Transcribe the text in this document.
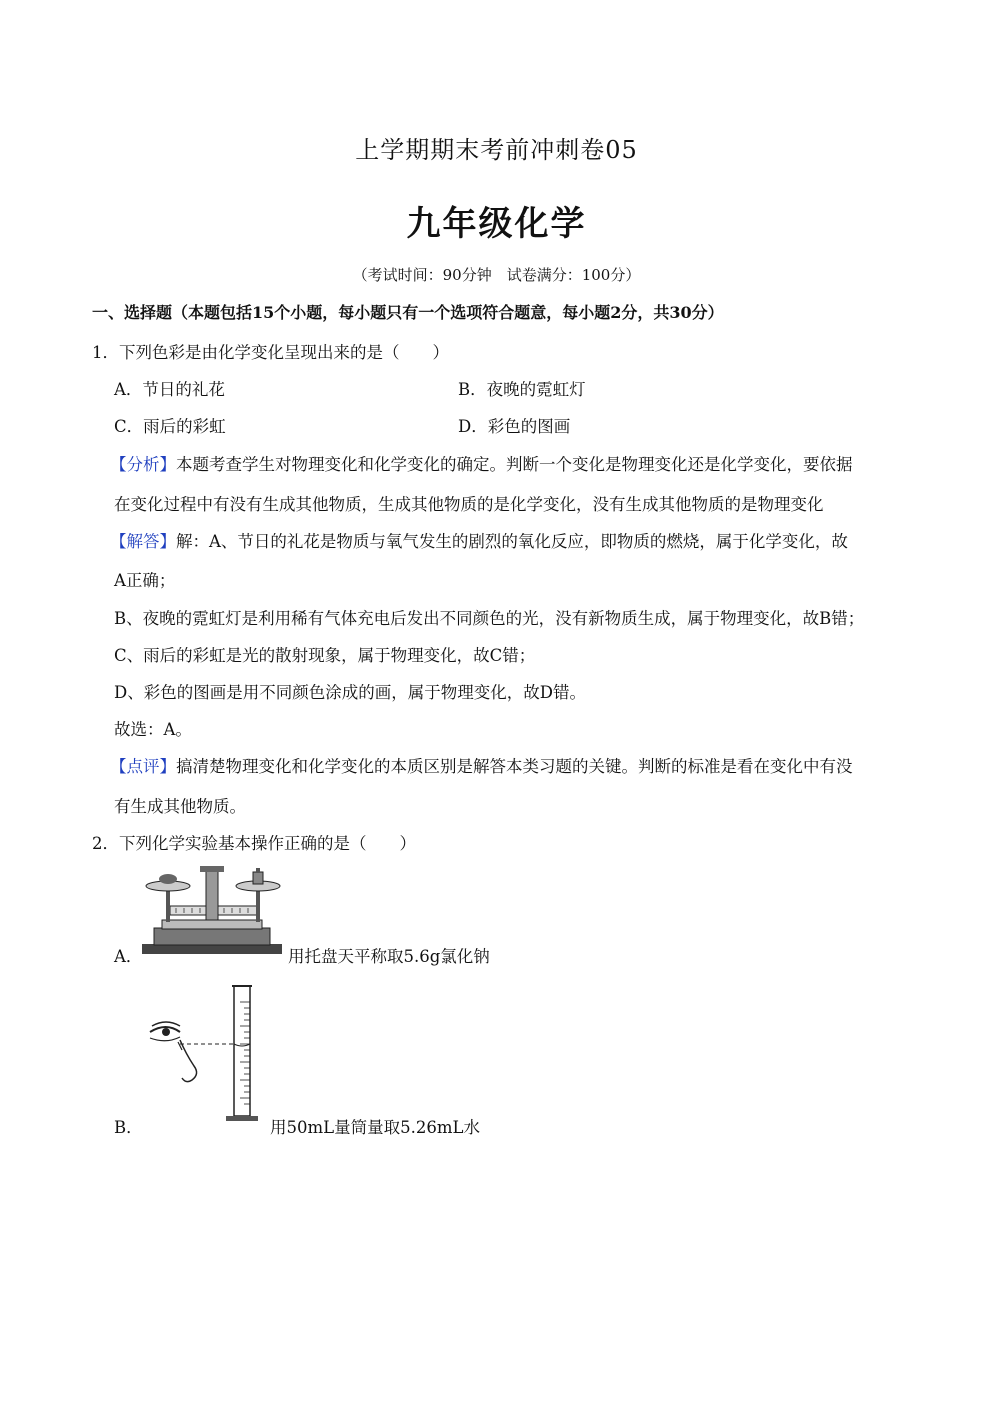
上学期期末考前冲刺卷05
九年级化学
（考试时间：90分钟　试卷满分：100分）
一、选择题（本题包括15个小题，每小题只有一个选项符合题意，每小题2分，共30分）
1．下列色彩是由化学变化呈现出来的是（　　）
A．节日的礼花	B．夜晚的霓虹灯
C．雨后的彩虹	D．彩色的图画
【分析】本题考查学生对物理变化和化学变化的确定。判断一个变化是物理变化还是化学变化，要依据
在变化过程中有没有生成其他物质，生成其他物质的是化学变化，没有生成其他物质的是物理变化
【解答】解：A、节日的礼花是物质与氧气发生的剧烈的氧化反应，即物质的燃烧，属于化学变化，故
A正确；
B、夜晚的霓虹灯是利用稀有气体充电后发出不同颜色的光，没有新物质生成，属于物理变化，故B错；
C、雨后的彩虹是光的散射现象，属于物理变化，故C错；
D、彩色的图画是用不同颜色涂成的画，属于物理变化，故D错。
故选：A。
【点评】搞清楚物理变化和化学变化的本质区别是解答本类习题的关键。判断的标准是看在变化中有没
有生成其他物质。
2．下列化学实验基本操作正确的是（　　）
A．	用托盘天平称取5.6g氯化钠
B．	用50mL量筒量取5.26mL水
